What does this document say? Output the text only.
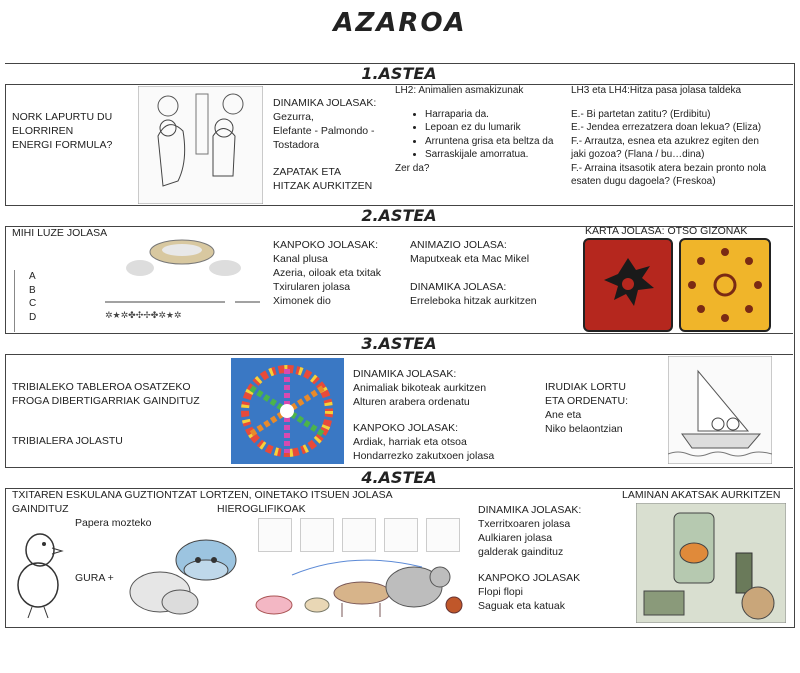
AZAROA
1.ASTEA
NORK LAPURTU DU
ELORRIREN
ENERGI FORMULA?
DINAMIKA JOLASAK:
Gezurra,
Elefante - Palmondo -
Tostadora
ZAPATAK ETA
HITZAK AURKITZEN
LH2: Animalien asmakizunak
• Harraparia da.
• Lepoan ez du lumarik
• Arruntena grisa eta beltza da
• Sarraskijale amorratua.
Zer da?
LH3 eta LH4:Hitza pasa jolasa taldeka
E.- Bi partetan zatitu? (Erdibitu)
E.- Jendea errezatzera doan lekua? (Eliza)
F.- Arrautza, esnea eta azukrez egiten den
jaki gozoa? (Flana / bu…dina)
F.- Arraina itsasotik atera bezain pronto nola
esaten dugu dagoela? (Freskoa)
2.ASTEA
MIHI LUZE JOLASA
A
B
C
D	✲★✲✤✣✢✤✲★✲
KANPOKO JOLASAK:
Kanal plusa
Azeria, oiloak eta txitak
Txirularen jolasa
Ximonek dio
ANIMAZIO JOLASA:
Maputxeak eta Mac Mikel
DINAMIKA JOLASA:
Erreleboka hitzak aurkitzen
KARTA JOLASA: OTSO GIZONAK
3.ASTEA
TRIBIALEKO TABLEROA OSATZEKO
FROGA DIBERTIGARRIAK GAINDITUZ
TRIBIALERA JOLASTU
DINAMIKA JOLASAK:
Animaliak bikoteak aurkitzen
Alturen arabera ordenatu
KANPOKO JOLASAK:
Ardiak, harriak eta otsoa
Hondarrezko zakutxoen jolasa
IRUDIAK LORTU
ETA ORDENATU:
Ane eta
Niko belaontzian
4.ASTEA
TXITAREN ESKULANA GUZTIONTZAT LORTZEN, OINETAKO ITSUEN JOLASA
GAINDITUZ
Papera mozteko
GURA +
HIEROGLIFIKOAK	DINAMIKA JOLASAK:
Txerritxoaren jolasa
Aulkiaren jolasa
galderak gaindituz
KANPOKO JOLASAK
Flopi flopi
Saguak eta katuak
LAMINAN AKATSAK AURKITZEN
